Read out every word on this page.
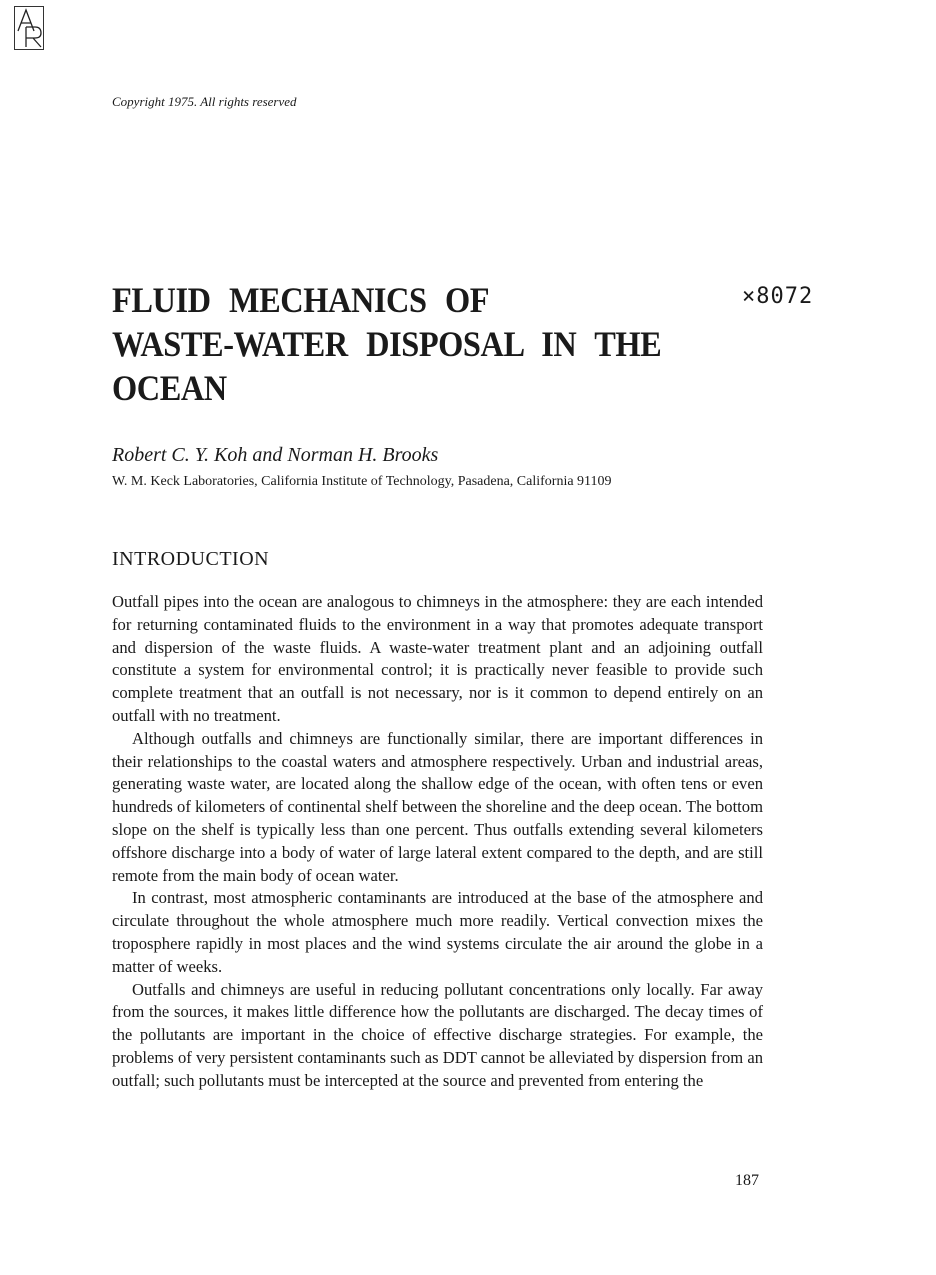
Copyright 1975. All rights reserved
FLUID MECHANICS OF
WASTE-WATER DISPOSAL IN THE
OCEAN
×8072
Robert C. Y. Koh and Norman H. Brooks
W. M. Keck Laboratories, California Institute of Technology, Pasadena, California 91109
INTRODUCTION

Outfall pipes into the ocean are analogous to chimneys in the atmosphere: they are each intended for returning contaminated fluids to the environment in a way that promotes adequate transport and dispersion of the waste fluids. A waste-water treatment plant and an adjoining outfall constitute a system for environmental control; it is practically never feasible to provide such complete treatment that an outfall is not necessary, nor is it common to depend entirely on an outfall with no treatment.

Although outfalls and chimneys are functionally similar, there are important differences in their relationships to the coastal waters and atmosphere respectively. Urban and industrial areas, generating waste water, are located along the shallow edge of the ocean, with often tens or even hundreds of kilometers of continental shelf between the shoreline and the deep ocean. The bottom slope on the shelf is typically less than one percent. Thus outfalls extending several kilometers offshore discharge into a body of water of large lateral extent compared to the depth, and are still remote from the main body of ocean water.

In contrast, most atmospheric contaminants are introduced at the base of the atmosphere and circulate throughout the whole atmosphere much more readily. Vertical convection mixes the troposphere rapidly in most places and the wind systems circulate the air around the globe in a matter of weeks.

Outfalls and chimneys are useful in reducing pollutant concentrations only locally. Far away from the sources, it makes little difference how the pollutants are discharged. The decay times of the pollutants are important in the choice of effective discharge strategies. For example, the problems of very persistent contaminants such as DDT cannot be alleviated by dispersion from an outfall; such pollutants must be intercepted at the source and prevented from entering the

187
